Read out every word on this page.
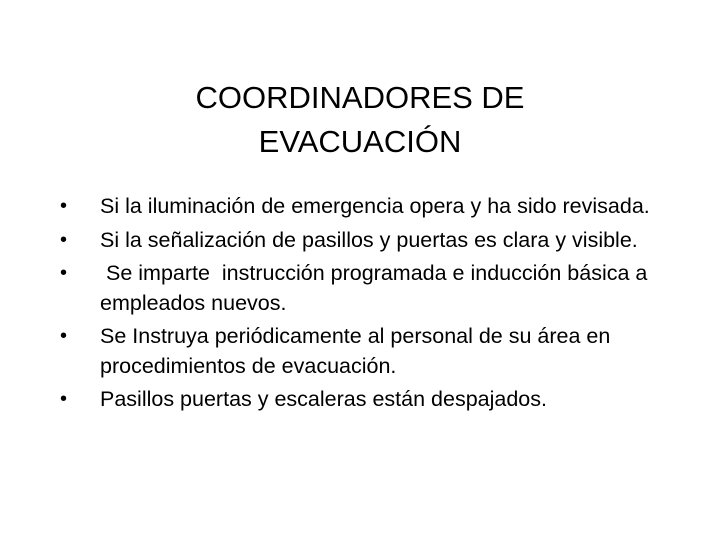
COORDINADORES DE
EVACUACIÓN
•	Si la iluminación de emergencia opera y ha sido revisada.
•	Si la señalización de pasillos y puertas es clara y visible.
•	Se imparte  instrucción programada e inducción básica a empleados nuevos.
•	Se Instruya periódicamente al personal de su área en procedimientos de evacuación.
•	Pasillos puertas y escaleras están despajados.
